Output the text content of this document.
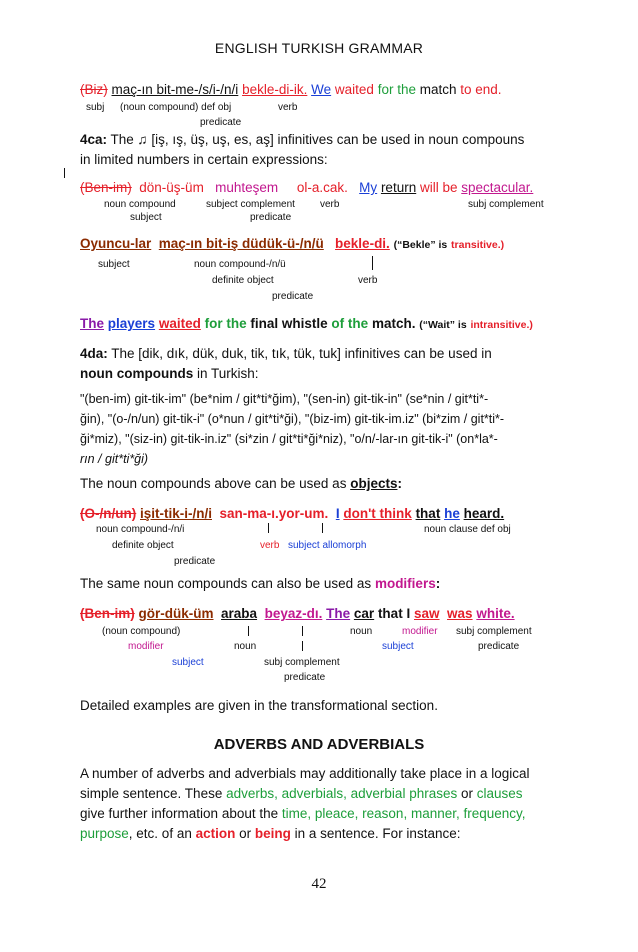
ENGLISH TURKISH GRAMMAR
(Biz) maç-ın bit-me-/s/i-/n/i bekle-di-ik. We waited for the match to end.
subj (noun compound) def obj	verb
predicate
4ca: The ♫ [iş, ış, üş, uş, es, aş] infinitives can be used in noun compouns
in limited numbers in certain expressions:
(Ben-im) dön-üş-üm muhteşem ol-a.cak. My return will be spectacular.
noun compound	subject complement	verb	subj complement
subject	predicate
Oyuncu-lar maç-ın bit-iş düdük-ü-/n/ü bekle-di. (“Bekle” is transitive.)
subject	noun compound-/n/ü
definite object	verb
predicate
The players waited for the final whistle of the match. (“Wait” is intransitive.)
4da: The [dik, dık, dük, duk, tik, tık, tük, tuk] infinitives can be used in
noun compounds in Turkish:
"(ben-im) git-tik-im" (be*nim / git*ti*ğim), "(sen-in) git-tik-in" (se*nin / git*ti*-
ğin), "(o-/n/un) git-tik-i" (o*nun / git*ti*ği), "(biz-im) git-tik-im.iz" (bi*zim / git*ti*-
ği*miz), "(siz-in) git-tik-in.iz" (si*zin / git*ti*ği*niz), "o/n/-lar-ın git-tik-i" (on*la*-
rın / git*ti*ği)
The noun compounds above can be used as objects:
(O-/n/un) işit-tik-i-/n/i san-ma-ı.yor-um. I don't think that he heard.
noun compound-/n/i	noun clause def obj
definite object	verb subject allomorph
predicate
The same noun compounds can also be used as modifiers:
(Ben-im) gör-dük-üm araba beyaz-dı. The car that I saw was white.
(noun compound)	noun	modifier subj complement
modifier	noun	subject	predicate
subject	subj complement
predicate
Detailed examples are given in the transformational section.
ADVERBS AND ADVERBIALS
A number of adverbs and adverbials may additionally take place in a logical
simple sentence. These adverbs, adverbials, adverbial phrases or clauses
give further information about the time, pleace, reason, manner, frequency,
purpose, etc. of an action or being in a sentence. For instance:
42
